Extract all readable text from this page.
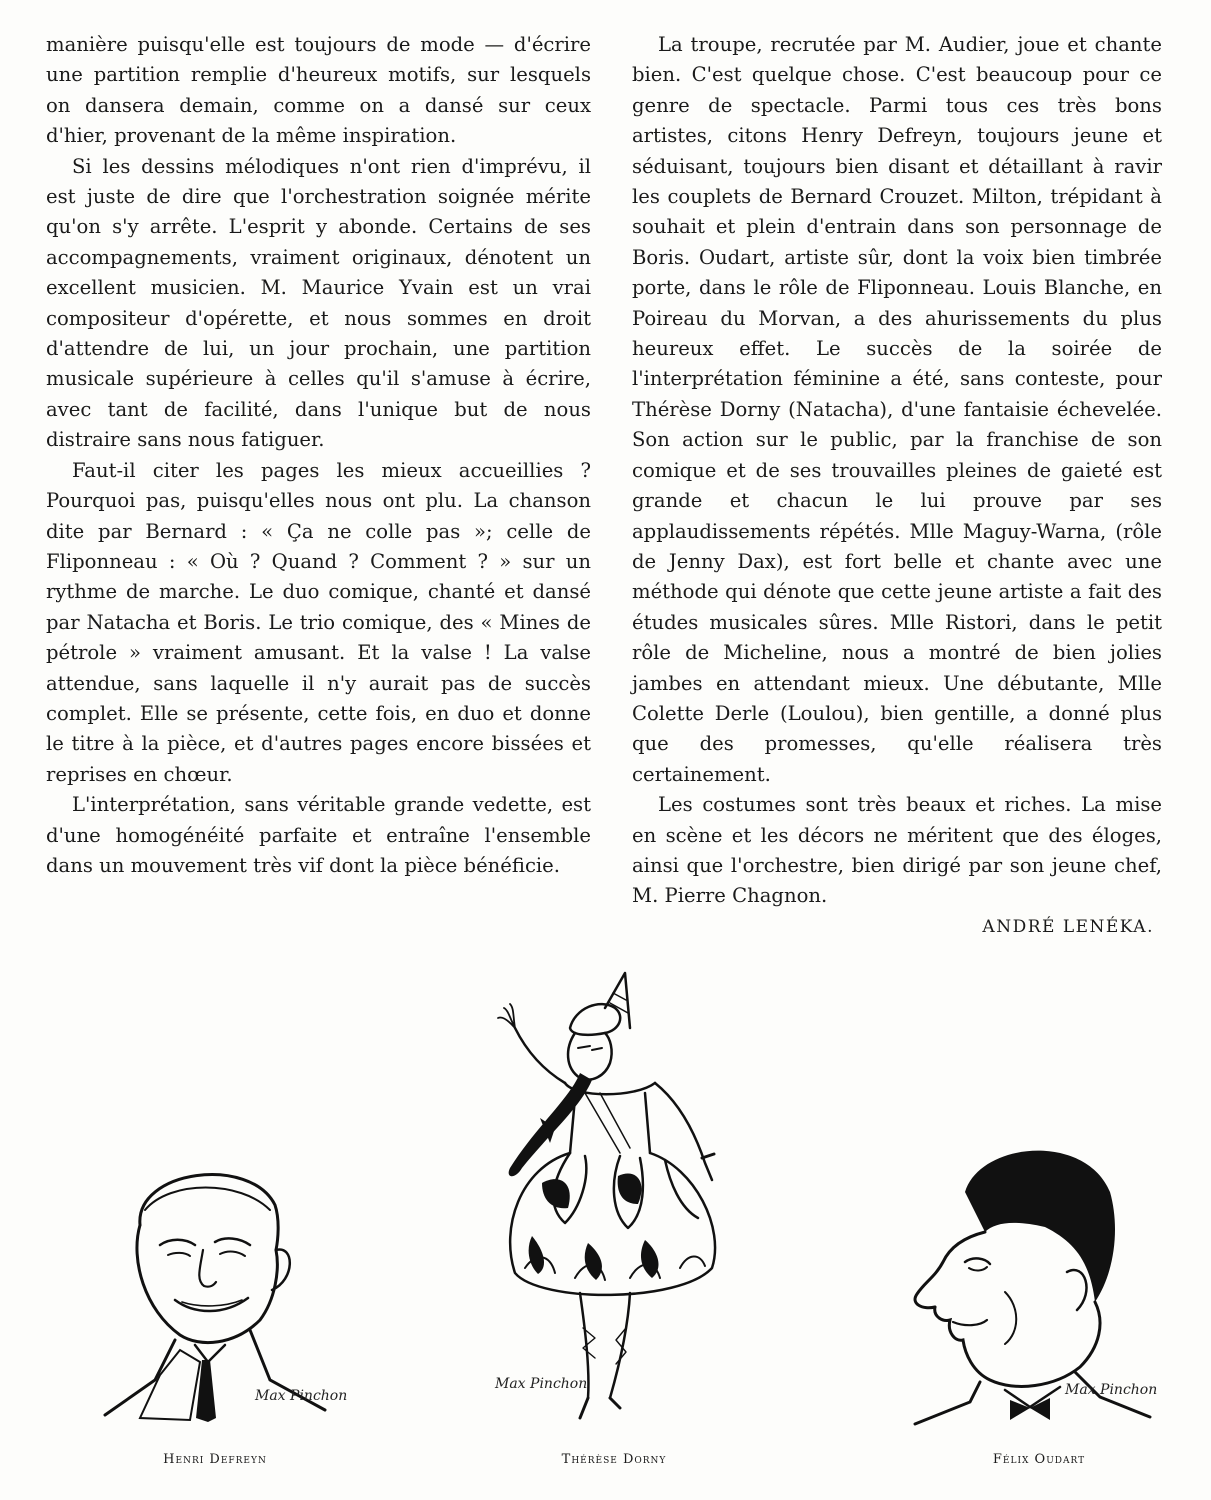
manière puisqu'elle est toujours de mode — d'écrire une partition remplie d'heureux motifs, sur lesquels on dansera demain, comme on a dansé sur ceux d'hier, provenant de la même inspiration.

Si les dessins mélodiques n'ont rien d'imprévu, il est juste de dire que l'orchestration soignée mérite qu'on s'y arrête. L'esprit y abonde. Certains de ses accompagnements, vraiment originaux, dénotent un excellent musicien. M. Maurice Yvain est un vrai compositeur d'opérette, et nous sommes en droit d'attendre de lui, un jour prochain, une partition musicale supérieure à celles qu'il s'amuse à écrire, avec tant de facilité, dans l'unique but de nous distraire sans nous fatiguer.

Faut-il citer les pages les mieux accueillies ? Pourquoi pas, puisqu'elles nous ont plu. La chanson dite par Bernard : « Ça ne colle pas »; celle de Fliponneau : « Où ? Quand ? Comment ? » sur un rythme de marche. Le duo comique, chanté et dansé par Natacha et Boris. Le trio comique, des « Mines de pétrole » vraiment amusant. Et la valse ! La valse attendue, sans laquelle il n'y aurait pas de succès complet. Elle se présente, cette fois, en duo et donne le titre à la pièce, et d'autres pages encore bissées et reprises en chœur.

L'interprétation, sans véritable grande vedette, est d'une homogénéité parfaite et entraîne l'ensemble dans un mouvement très vif dont la pièce bénéficie.

La troupe, recrutée par M. Audier, joue et chante bien. C'est quelque chose. C'est beaucoup pour ce genre de spectacle. Parmi tous ces très bons artistes, citons Henry Defreyn, toujours jeune et séduisant, toujours bien disant et détaillant à ravir les couplets de Bernard Crouzet. Milton, trépidant à souhait et plein d'entrain dans son personnage de Boris. Oudart, artiste sûr, dont la voix bien timbrée porte, dans le rôle de Fliponneau. Louis Blanche, en Poireau du Morvan, a des ahurissements du plus heureux effet. Le succès de la soirée de l'interprétation féminine a été, sans conteste, pour Thérèse Dorny (Natacha), d'une fantaisie échevelée. Son action sur le public, par la franchise de son comique et de ses trouvailles pleines de gaieté est grande et chacun le lui prouve par ses applaudissements répétés. Mlle Maguy-Warna, (rôle de Jenny Dax), est fort belle et chante avec une méthode qui dénote que cette jeune artiste a fait des études musicales sûres. Mlle Ristori, dans le petit rôle de Micheline, nous a montré de bien jolies jambes en attendant mieux. Une débutante, Mlle Colette Derle (Loulou), bien gentille, a donné plus que des promesses, qu'elle réalisera très certainement.

Les costumes sont très beaux et riches. La mise en scène et les décors ne méritent que des éloges, ainsi que l'orchestre, bien dirigé par son jeune chef, M. Pierre Chagnon.

ANDRÉ LENÉKA.

Max Pinchon
Henri Defreyn
Max Pinchon
Thérèse Dorny
Max Pinchon
Félix Oudart
